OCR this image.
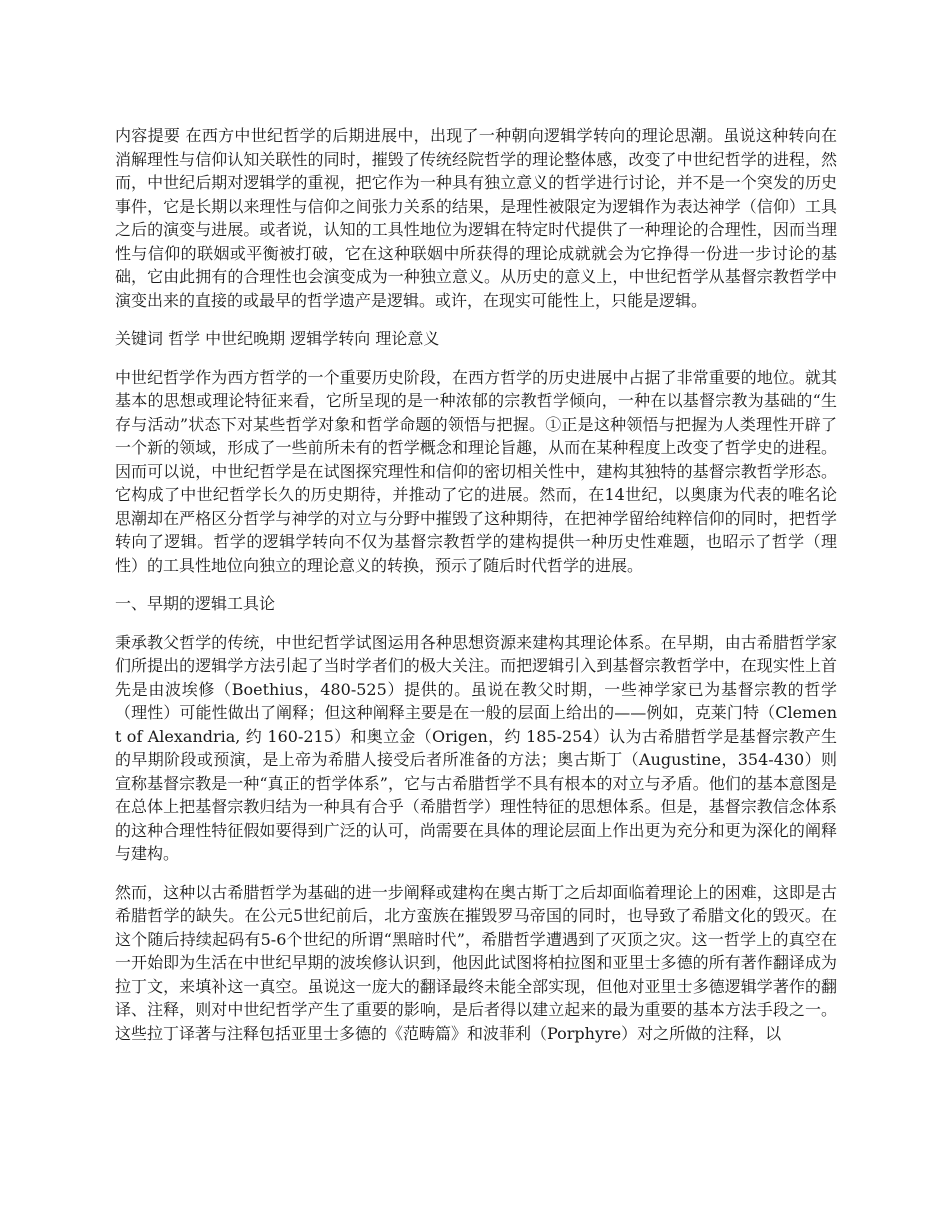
内容提要 在西方中世纪哲学的后期进展中，出现了一种朝向逻辑学转向的理论思潮。虽说这种转向在消解理性与信仰认知关联性的同时，摧毁了传统经院哲学的理论整体感，改变了中世纪哲学的进程，然而，中世纪后期对逻辑学的重视，把它作为一种具有独立意义的哲学进行讨论，并不是一个突发的历史事件，它是长期以来理性与信仰之间张力关系的结果，是理性被限定为逻辑作为表达神学（信仰）工具之后的演变与进展。或者说，认知的工具性地位为逻辑在特定时代提供了一种理论的合理性，因而当理性与信仰的联姻或平衡被打破，它在这种联姻中所获得的理论成就就会为它挣得一份进一步讨论的基础，它由此拥有的合理性也会演变成为一种独立意义。从历史的意义上，中世纪哲学从基督宗教哲学中演变出来的直接的或最早的哲学遗产是逻辑。或许，在现实可能性上，只能是逻辑。

关键词 哲学 中世纪晚期 逻辑学转向 理论意义

中世纪哲学作为西方哲学的一个重要历史阶段，在西方哲学的历史进展中占据了非常重要的地位。就其基本的思想或理论特征来看，它所呈现的是一种浓郁的宗教哲学倾向，一种在以基督宗教为基础的“生存与活动”状态下对某些哲学对象和哲学命题的领悟与把握。①正是这种领悟与把握为人类理性开辟了一个新的领域，形成了一些前所未有的哲学概念和理论旨趣，从而在某种程度上改变了哲学史的进程。因而可以说，中世纪哲学是在试图探究理性和信仰的密切相关性中，建构其独特的基督宗教哲学形态。它构成了中世纪哲学长久的历史期待，并推动了它的进展。然而，在14世纪，以奥康为代表的唯名论思潮却在严格区分哲学与神学的对立与分野中摧毁了这种期待，在把神学留给纯粹信仰的同时，把哲学转向了逻辑。哲学的逻辑学转向不仅为基督宗教哲学的建构提供一种历史性难题，也昭示了哲学（理性）的工具性地位向独立的理论意义的转换，预示了随后时代哲学的进展。

一、早期的逻辑工具论

秉承教父哲学的传统，中世纪哲学试图运用各种思想资源来建构其理论体系。在早期，由古希腊哲学家们所提出的逻辑学方法引起了当时学者们的极大关注。而把逻辑引入到基督宗教哲学中，在现实性上首先是由波埃修（Boethius，480-525）提供的。虽说在教父时期，一些神学家已为基督宗教的哲学（理性）可能性做出了阐释；但这种阐释主要是在一般的层面上给出的——例如，克莱门特（Clement of Alexandria, 约 160-215）和奥立金（Origen，约 185-254）认为古希腊哲学是基督宗教产生的早期阶段或预演，是上帝为希腊人接受后者所准备的方法；奥古斯丁（Augustine，354-430）则宣称基督宗教是一种“真正的哲学体系”，它与古希腊哲学不具有根本的对立与矛盾。他们的基本意图是在总体上把基督宗教归结为一种具有合乎（希腊哲学）理性特征的思想体系。但是，基督宗教信念体系的这种合理性特征假如要得到广泛的认可，尚需要在具体的理论层面上作出更为充分和更为深化的阐释与建构。

然而，这种以古希腊哲学为基础的进一步阐释或建构在奥古斯丁之后却面临着理论上的困难，这即是古希腊哲学的缺失。在公元5世纪前后，北方蛮族在摧毁罗马帝国的同时，也导致了希腊文化的毁灭。在这个随后持续起码有5-6个世纪的所谓“黑暗时代”，希腊哲学遭遇到了灭顶之灾。这一哲学上的真空在一开始即为生活在中世纪早期的波埃修认识到，他因此试图将柏拉图和亚里士多德的所有著作翻译成为拉丁文，来填补这一真空。虽说这一庞大的翻译最终未能全部实现，但他对亚里士多德逻辑学著作的翻译、注释，则对中世纪哲学产生了重要的影响，是后者得以建立起来的最为重要的基本方法手段之一。这些拉丁译著与注释包括亚里士多德的《范畴篇》和波菲利（Porphyre）对之所做的注释，以
